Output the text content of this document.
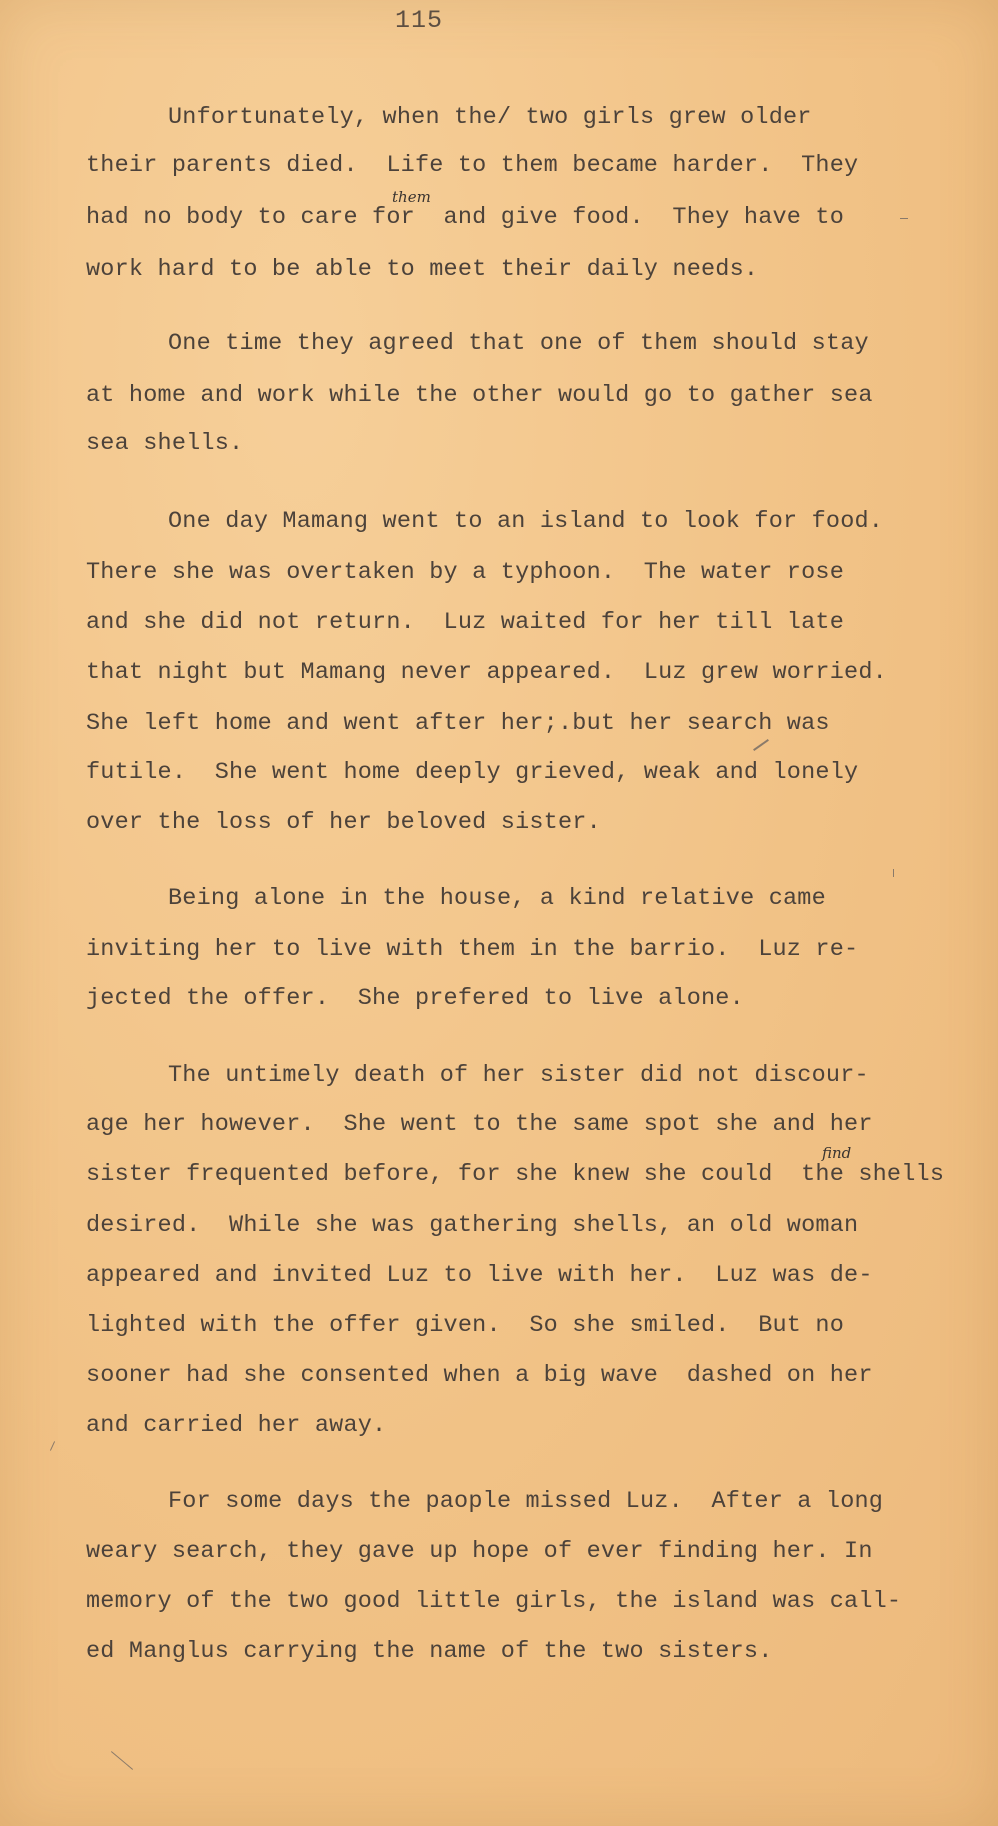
115
Unfortunately, when the/ two girls grew older
their parents died.  Life to them became harder.  They
had no body to care for  and give food.  They have to
them
work hard to be able to meet their daily needs.
One time they agreed that one of them should stay
at home and work while the other would go to gather sea
sea shells.
One day Mamang went to an island to look for food.
There she was overtaken by a typhoon.  The water rose
and she did not return.  Luz waited for her till late
that night but Mamang never appeared.  Luz grew worried.
She left home and went after her;.but her search was
futile.  She went home deeply grieved, weak and lonely
over the loss of her beloved sister.
Being alone in the house, a kind relative came
inviting her to live with them in the barrio.  Luz re-
jected the offer.  She prefered to live alone.
The untimely death of her sister did not discour-
age her however.  She went to the same spot she and her
sister frequented before, for she knew she could  the shells
find
desired.  While she was gathering shells, an old woman
appeared and invited Luz to live with her.  Luz was de-
lighted with the offer given.  So she smiled.  But no
sooner had she consented when a big wave  dashed on her
and carried her away.
For some days the paople missed Luz.  After a long
weary search, they gave up hope of ever finding her. In
memory of the two good little girls, the island was call-
ed Manglus carrying the name of the two sisters.
